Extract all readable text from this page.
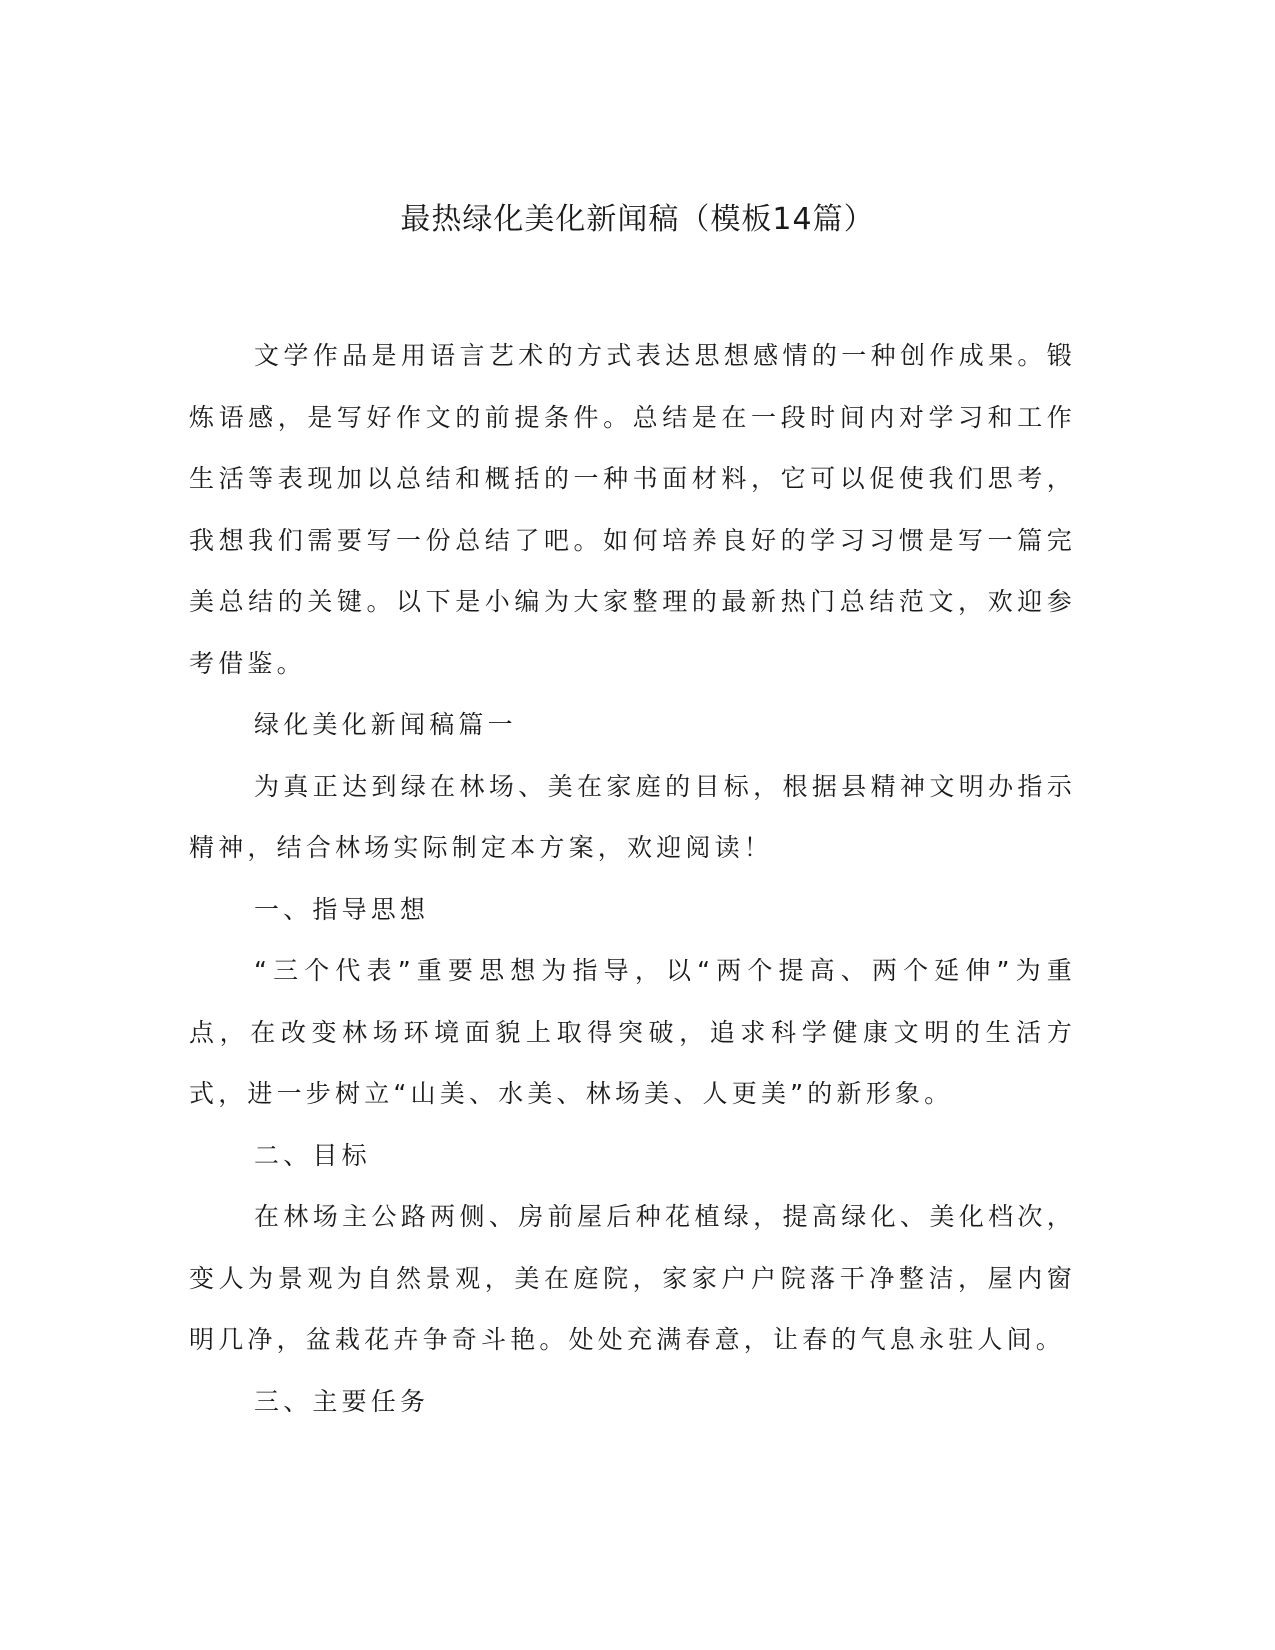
最热绿化美化新闻稿（模板14篇）

文学作品是用语言艺术的方式表达思想感情的一种创作成果。锻炼语感，是写好作文的前提条件。总结是在一段时间内对学习和工作生活等表现加以总结和概括的一种书面材料，它可以促使我们思考，我想我们需要写一份总结了吧。如何培养良好的学习习惯是写一篇完美总结的关键。以下是小编为大家整理的最新热门总结范文，欢迎参考借鉴。

绿化美化新闻稿篇一

为真正达到绿在林场、美在家庭的目标，根据县精神文明办指示精神，结合林场实际制定本方案，欢迎阅读！

一、指导思想

“三个代表”重要思想为指导，以“两个提高、两个延伸”为重点，在改变林场环境面貌上取得突破，追求科学健康文明的生活方式，进一步树立“山美、水美、林场美、人更美”的新形象。

二、目标

在林场主公路两侧、房前屋后种花植绿，提高绿化、美化档次，变人为景观为自然景观，美在庭院，家家户户院落干净整洁，屋内窗明几净，盆栽花卉争奇斗艳。处处充满春意，让春的气息永驻人间。

三、主要任务
